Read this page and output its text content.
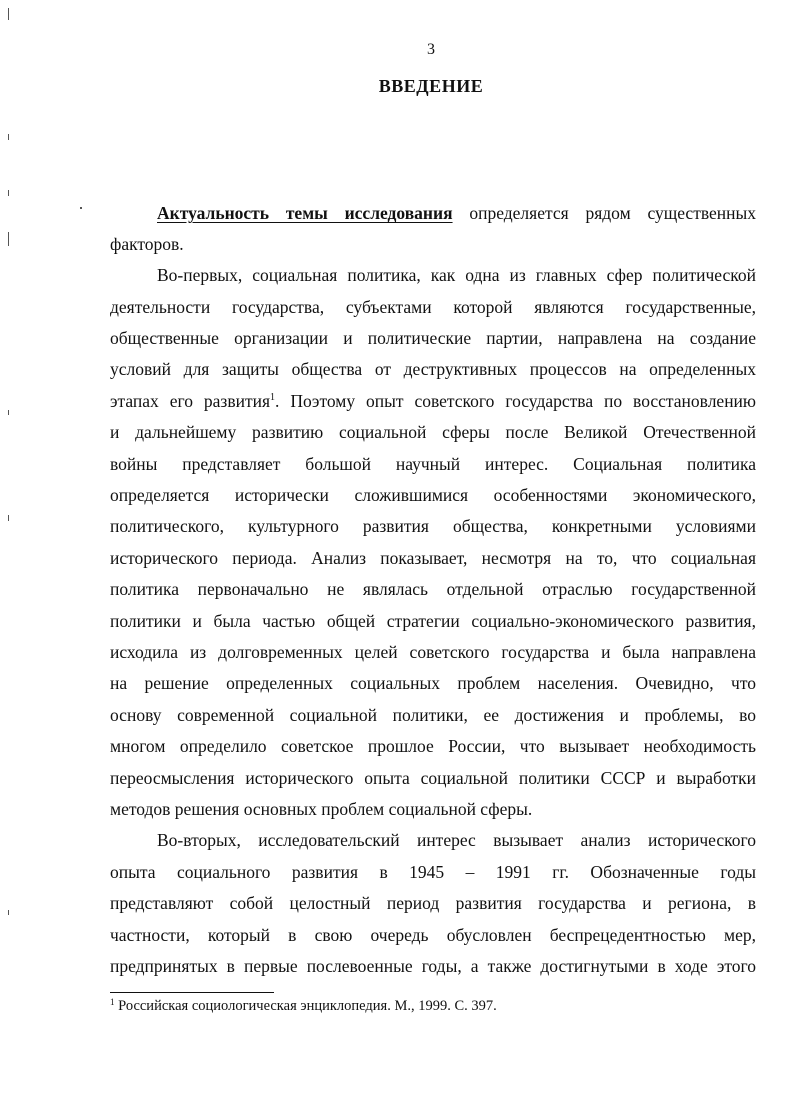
3
ВВЕДЕНИЕ
Актуальность темы исследования определяется рядом существенных
факторов.
Во-первых, социальная политика, как одна из главных сфер политической
деятельности государства, субъектами которой являются государственные,
общественные организации и политические партии, направлена на создание
условий для защиты общества от деструктивных процессов на определенных
этапах его развития$^1$. Поэтому опыт советского государства по восстановлению
и дальнейшему развитию социальной сферы после Великой Отечественной
войны представляет большой научный интерес. Социальная политика
определяется исторически сложившимися особенностями экономического,
политического, культурного развития общества, конкретными условиями
исторического периода. Анализ показывает, несмотря на то, что социальная
политика первоначально не являлась отдельной отраслью государственной
политики и была частью общей стратегии социально-экономического развития,
исходила из долговременных целей советского государства и была направлена
на решение определенных социальных проблем населения. Очевидно, что
основу современной социальной политики, ее достижения и проблемы, во
многом определило советское прошлое России, что вызывает необходимость
переосмысления исторического опыта социальной политики СССР и выработки
методов решения основных проблем социальной сферы.
Во-вторых, исследовательский интерес вызывает анализ исторического
опыта социального развития в 1945 – 1991 гг. Обозначенные годы
представляют собой целостный период развития государства и региона, в
частности, который в свою очередь обусловлен беспрецедентностью мер,
предпринятых в первые послевоенные годы, а также достигнутыми в ходе этого
$^1$ Российская социологическая энциклопедия. М., 1999. С. 397.
